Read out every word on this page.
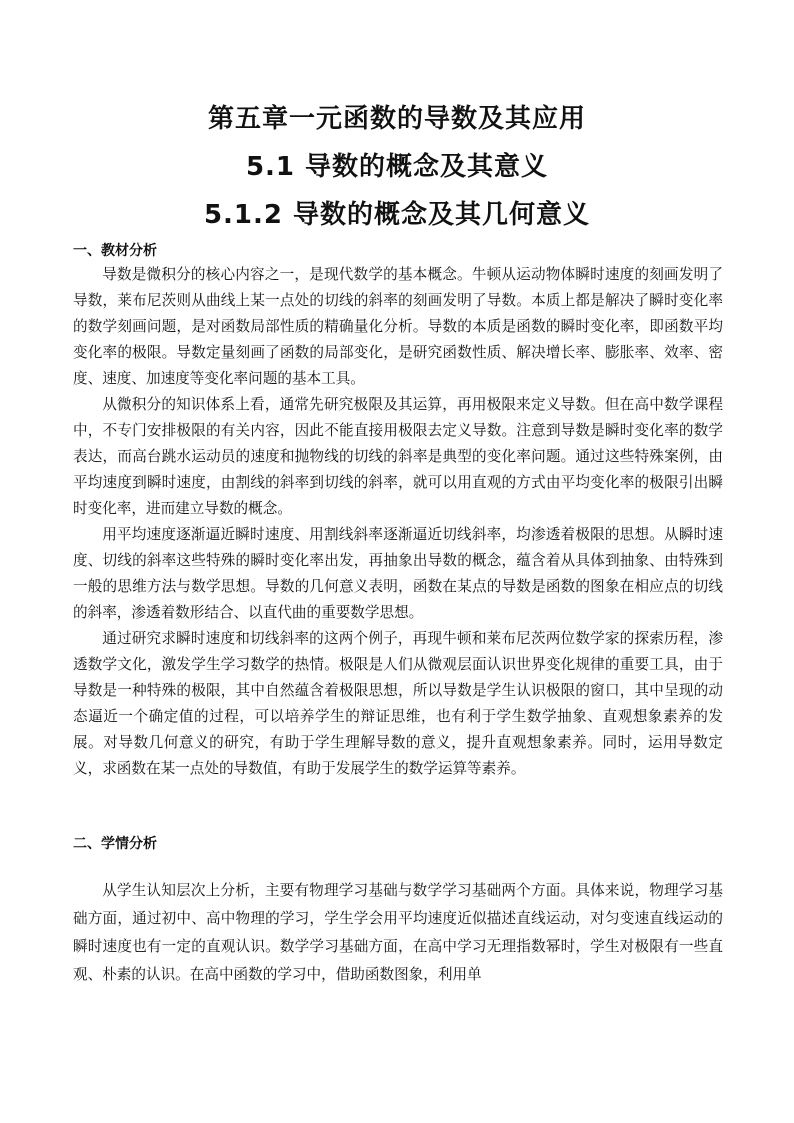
第五章一元函数的导数及其应用
5.1 导数的概念及其意义
5.1.2 导数的概念及其几何意义
一、教材分析

导数是微积分的核心内容之一，是现代数学的基本概念。牛顿从运动物体瞬时速度的刻画发明了导数，莱布尼茨则从曲线上某一点处的切线的斜率的刻画发明了导数。本质上都是解决了瞬时变化率的数学刻画问题，是对函数局部性质的精确量化分析。导数的本质是函数的瞬时变化率，即函数平均变化率的极限。导数定量刻画了函数的局部变化，是研究函数性质、解决增长率、膨胀率、效率、密度、速度、加速度等变化率问题的基本工具。

从微积分的知识体系上看，通常先研究极限及其运算，再用极限来定义导数。但在高中数学课程中，不专门安排极限的有关内容，因此不能直接用极限去定义导数。注意到导数是瞬时变化率的数学表达，而高台跳水运动员的速度和抛物线的切线的斜率是典型的变化率问题。通过这些特殊案例，由平均速度到瞬时速度，由割线的斜率到切线的斜率，就可以用直观的方式由平均变化率的极限引出瞬时变化率，进而建立导数的概念。

用平均速度逐渐逼近瞬时速度、用割线斜率逐渐逼近切线斜率，均渗透着极限的思想。从瞬时速度、切线的斜率这些特殊的瞬时变化率出发，再抽象出导数的概念，蕴含着从具体到抽象、由特殊到一般的思维方法与数学思想。导数的几何意义表明，函数在某点的导数是函数的图象在相应点的切线的斜率，渗透着数形结合、以直代曲的重要数学思想。

通过研究求瞬时速度和切线斜率的这两个例子，再现牛顿和莱布尼茨两位数学家的探索历程，渗透数学文化，激发学生学习数学的热情。极限是人们从微观层面认识世界变化规律的重要工具，由于导数是一种特殊的极限，其中自然蕴含着极限思想，所以导数是学生认识极限的窗口，其中呈现的动态逼近一个确定值的过程，可以培养学生的辩证思维，也有利于学生数学抽象、直观想象素养的发展。对导数几何意义的研究，有助于学生理解导数的意义，提升直观想象素养。同时，运用导数定义，求函数在某一点处的导数值，有助于发展学生的数学运算等素养。

二、学情分析

从学生认知层次上分析，主要有物理学习基础与数学学习基础两个方面。具体来说，物理学习基础方面，通过初中、高中物理的学习，学生学会用平均速度近似描述直线运动，对匀变速直线运动的瞬时速度也有一定的直观认识。数学学习基础方面，在高中学习无理指数幂时，学生对极限有一些直观、朴素的认识。在高中函数的学习中，借助函数图象，利用单
